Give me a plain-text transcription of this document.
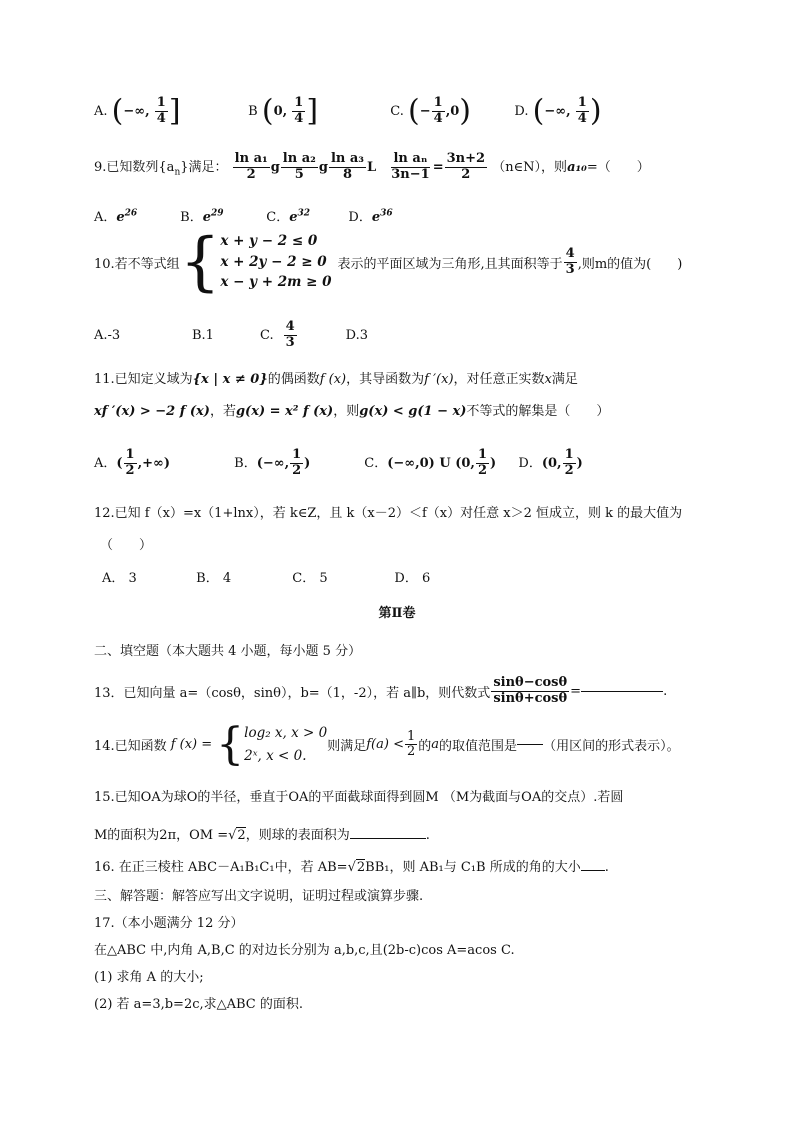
A. (−∞, $\frac{1}{4}$ ]	B (0, $\frac{1}{4}$ ]	C. (− $\frac{1}{4} ,0$)	D. (−∞, $\frac{1}{4}$ )
9.已知数列$\{a_n\}$满足： $\frac{\text{ln a₁}}{2}$ g $\frac{\text{ln a₂}}{5}$ g $\frac{\text{ln a₃}}{8}$ L $\frac{\text{ln aₙ}}{3n-1} = \frac{3n+2}{2}$ （n∈N），则a₁₀=（　　）
A．$e^{26}$	B．$e^{29}$	C．$e^{32}$	D．$e^{36}$
10.若不等式组 { x + y − 2 ≤ 0
x + 2y − 2 ≥ 0
x − y + 2m ≥ 0
表示的平面区域为三角形,且其面积等于 $\frac{4}{3}$ ,则m的值为(　　)
A.-3	B.1	C. $\frac{4}{3}$	D.3
11.已知定义域为{x | x ≠ 0}的偶函数f (x)，其导函数为f ′(x)，对任意正实数x满足
xf ′(x) > −2 f (x)，若g(x) = x² f (x)，则g(x) < g(1 − x)不等式的解集是（　　）
A．( $\frac{1}{2}$ ,+∞)	B．(−∞, $\frac{1}{2}$ )	C．(−∞,0) U (0, $\frac{1}{2}$ ) D．(0, $\frac{1}{2}$ )
12.已知 f（x）=x（1+lnx），若 k∈Z，且 k（x－2）＜f（x）对任意 x＞2 恒成立，则 k 的最大值为
（　　）
A． 3	B． 4	C． 5	D． 6
第Ⅱ卷
二、填空题（本大题共 4 小题，每小题 5 分）
13．已知向量 a=（cosθ，sinθ），b=（1，-2），若 a∥b，则代数式 $\frac{\sin\theta-\cos\theta}{\sin\theta+\cos\theta}$ =	.
14.已知函数 f (x) = { log₂ x, x > 0
2ˣ, x < 0.
则满足 $f(a) < \frac{1}{2}$ 的 a 的取值范围是 （用区间的形式表示）。
15.已知OA为球O的半径，垂直于OA的平面截球面得到圆M （M为截面与OA的交点）.若圆
M的面积为2π，OM =√2，则球的表面积为	.
16. 在正三棱柱 ABC－A₁B₁C₁中，若 AB=√2BB₁，则 AB₁与 C₁B 所成的角的大小 .
三、解答题：解答应写出文字说明，证明过程或演算步骤.
17.（本小题满分 12 分）
在△ABC 中,内角 A,B,C 的对边长分别为 a,b,c,且(2b-c)cos A=acos C.
(1) 求角 A 的大小;
(2) 若 a=3,b=2c,求△ABC 的面积.
